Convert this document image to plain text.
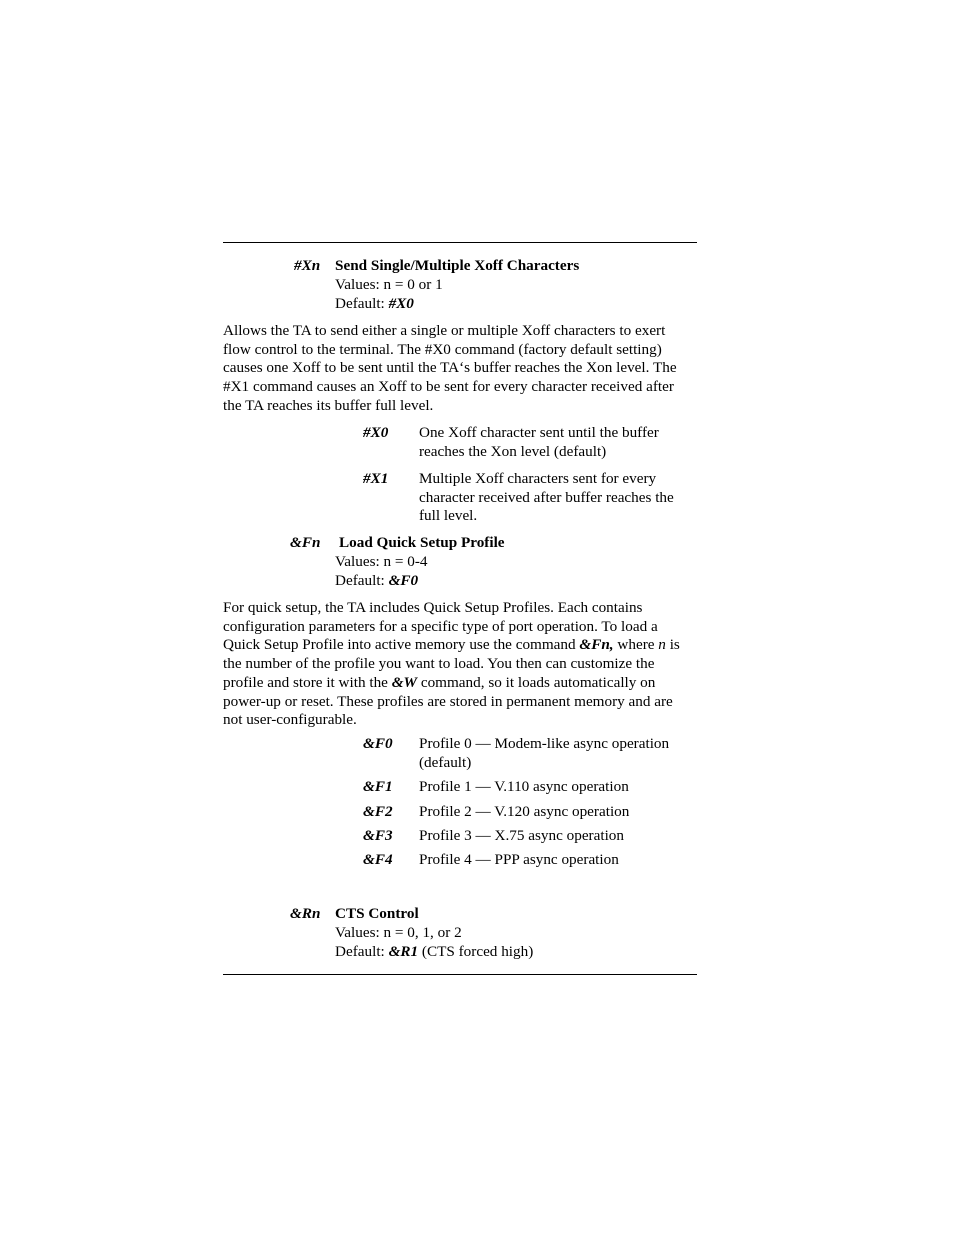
#Xn Send Single/Multiple Xoff Characters
Values: n = 0 or 1
Default: #X0
Allows the TA to send either a single or multiple Xoff characters to exert
flow control to the terminal. The #X0 command (factory default setting)
causes one Xoff to be sent until the TA‘s buffer reaches the Xon level. The
#X1 command causes an Xoff to be sent for every character received after
the TA reaches its buffer full level.
#X0 One Xoff character sent until the buffer
reaches the Xon level (default)
#X1 Multiple Xoff characters sent for every
character received after buffer reaches the
full level.
&Fn Load Quick Setup Profile
Values: n = 0-4
Default: &F0
For quick setup, the TA includes Quick Setup Profiles. Each contains
configuration parameters for a specific type of port operation. To load a
Quick Setup Profile into active memory use the command &Fn, where n is
the number of the profile you want to load. You then can customize the
profile and store it with the &W command, so it loads automatically on
power-up or reset. These profiles are stored in permanent memory and are
not user-configurable.
&F0 Profile 0 — Modem-like async operation
(default)
&F1 Profile 1 — V.110 async operation
&F2 Profile 2 — V.120 async operation
&F3 Profile 3 — X.75 async operation
&F4 Profile 4 — PPP async operation
&Rn CTS Control
Values: n = 0, 1, or 2
Default: &R1 (CTS forced high)
